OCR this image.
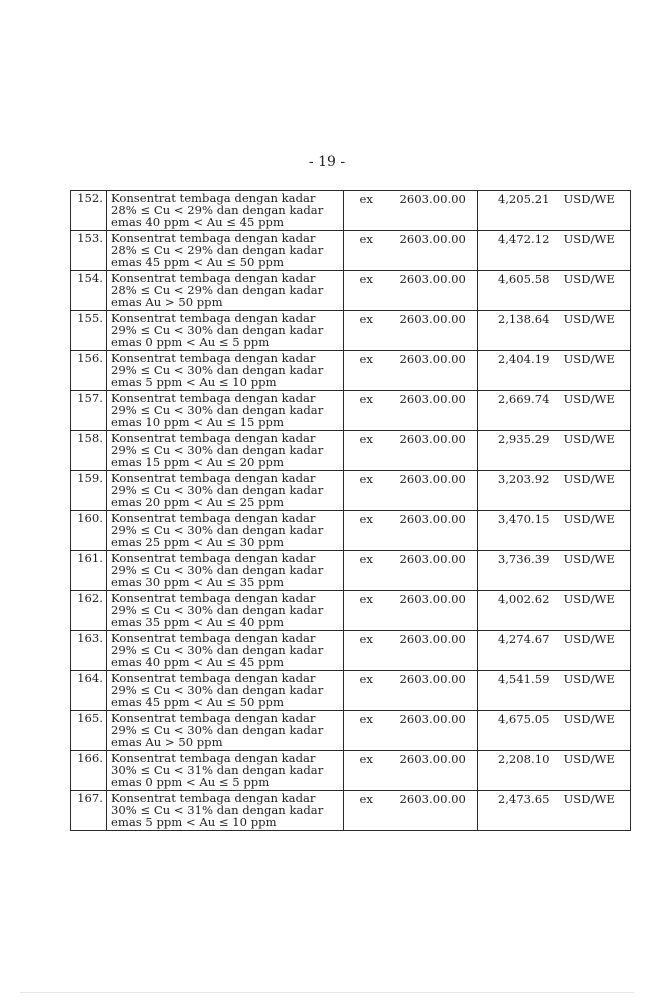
- 19 -
152.	Konsentrat tembaga dengan kadar
28% ≤ Cu < 29% dan dengan kadar
emas 40 ppm < Au ≤ 45 ppm	ex	2603.00.00	4,205.21	USD/WE
153.	Konsentrat tembaga dengan kadar
28% ≤ Cu < 29% dan dengan kadar
emas 45 ppm < Au ≤ 50 ppm	ex	2603.00.00	4,472.12	USD/WE
154.	Konsentrat tembaga dengan kadar
28% ≤ Cu < 29% dan dengan kadar
emas Au > 50 ppm	ex	2603.00.00	4,605.58	USD/WE
155.	Konsentrat tembaga dengan kadar
29% ≤ Cu < 30% dan dengan kadar
emas 0 ppm < Au ≤ 5 ppm	ex	2603.00.00	2,138.64	USD/WE
156.	Konsentrat tembaga dengan kadar
29% ≤ Cu < 30% dan dengan kadar
emas 5 ppm < Au ≤ 10 ppm	ex	2603.00.00	2,404.19	USD/WE
157.	Konsentrat tembaga dengan kadar
29% ≤ Cu < 30% dan dengan kadar
emas 10 ppm < Au ≤ 15 ppm	ex	2603.00.00	2,669.74	USD/WE
158.	Konsentrat tembaga dengan kadar
29% ≤ Cu < 30% dan dengan kadar
emas 15 ppm < Au ≤ 20 ppm	ex	2603.00.00	2,935.29	USD/WE
159.	Konsentrat tembaga dengan kadar
29% ≤ Cu < 30% dan dengan kadar
emas 20 ppm < Au ≤ 25 ppm	ex	2603.00.00	3,203.92	USD/WE
160.	Konsentrat tembaga dengan kadar
29% ≤ Cu < 30% dan dengan kadar
emas 25 ppm < Au ≤ 30 ppm	ex	2603.00.00	3,470.15	USD/WE
161.	Konsentrat tembaga dengan kadar
29% ≤ Cu < 30% dan dengan kadar
emas 30 ppm < Au ≤ 35 ppm	ex	2603.00.00	3,736.39	USD/WE
162.	Konsentrat tembaga dengan kadar
29% ≤ Cu < 30% dan dengan kadar
emas 35 ppm < Au ≤ 40 ppm	ex	2603.00.00	4,002.62	USD/WE
163.	Konsentrat tembaga dengan kadar
29% ≤ Cu < 30% dan dengan kadar
emas 40 ppm < Au ≤ 45 ppm	ex	2603.00.00	4,274.67	USD/WE
164.	Konsentrat tembaga dengan kadar
29% ≤ Cu < 30% dan dengan kadar
emas 45 ppm < Au ≤ 50 ppm	ex	2603.00.00	4,541.59	USD/WE
165.	Konsentrat tembaga dengan kadar
29% ≤ Cu < 30% dan dengan kadar
emas Au > 50 ppm	ex	2603.00.00	4,675.05	USD/WE
166.	Konsentrat tembaga dengan kadar
30% ≤ Cu < 31% dan dengan kadar
emas 0 ppm < Au ≤ 5 ppm	ex	2603.00.00	2,208.10	USD/WE
167.	Konsentrat tembaga dengan kadar
30% ≤ Cu < 31% dan dengan kadar
emas 5 ppm < Au ≤ 10 ppm	ex	2603.00.00	2,473.65	USD/WE
